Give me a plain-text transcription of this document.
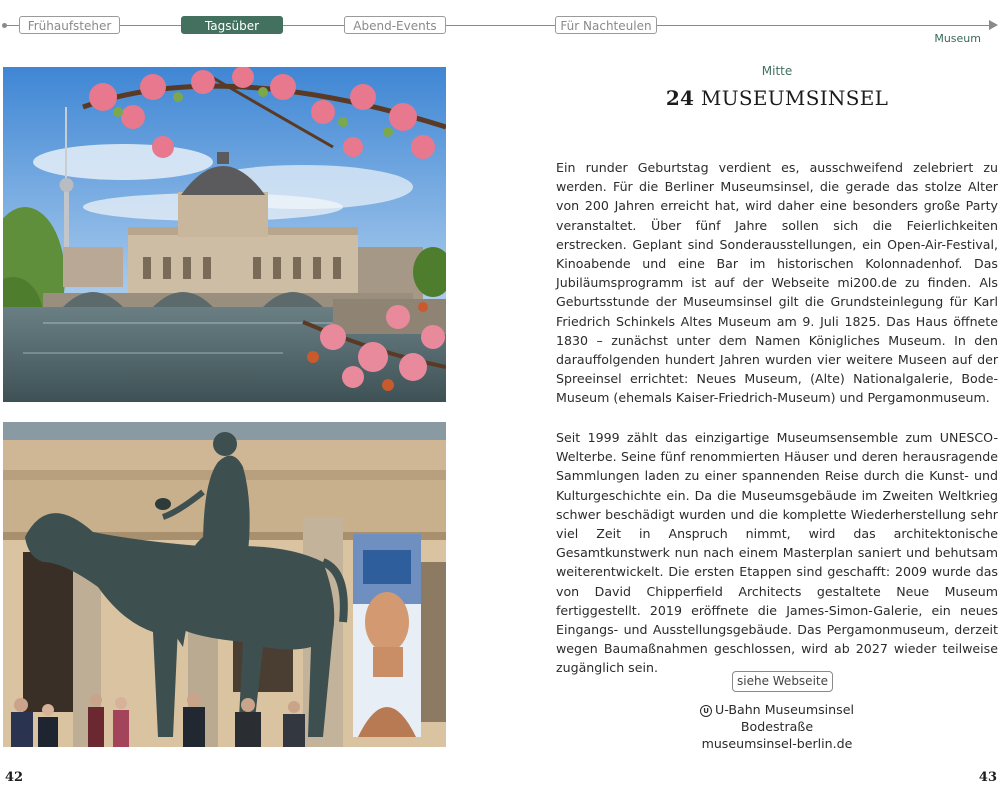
Frühaufsteher	Tagsüber	Abend-Events	Für Nachteulen
Museum
Mitte
24 MUSEUMSINSEL

Ein runder Geburtstag verdient es, ausschweifend zelebriert zu werden. Für die Berliner Museumsinsel, die gerade das stolze Alter von 200 Jahren erreicht hat, wird daher eine besonders große Party veranstaltet. Über fünf Jahre sollen sich die Feierlichkeiten erstrecken. Geplant sind Sonderausstellungen, ein Open-Air-Festival, Kinoabende und eine Bar im historischen Kolonnadenhof. Das Jubiläumsprogramm ist auf der Webseite mi200.de zu finden. Als Geburtsstunde der Museumsinsel gilt die Grundsteinlegung für Karl Friedrich Schinkels Altes Museum am 9. Juli 1825. Das Haus öffnete 1830 – zunächst unter dem Namen Königliches Museum. In den darauffolgenden hundert Jahren wurden vier weitere Museen auf der Spreeinsel errichtet: Neues Museum, (Alte) Nationalgalerie, Bode-Museum (ehemals Kaiser-Friedrich-Museum) und Pergamonmuseum.

Seit 1999 zählt das einzigartige Museumsensemble zum UNESCO-Welterbe. Seine fünf renommierten Häuser und deren herausragende Sammlungen laden zu einer spannenden Reise durch die Kunst- und Kulturgeschichte ein. Da die Museumsgebäude im Zweiten Weltkrieg schwer beschädigt wurden und die komplette Wiederherstellung sehr viel Zeit in Anspruch nimmt, wird das architektonische Gesamtkunstwerk nun nach einem Masterplan saniert und behutsam weiterentwickelt. Die ersten Etappen sind geschafft: 2009 wurde das von David Chipperfield Architects gestaltete Neue Museum fertiggestellt. 2019 eröffnete die James-Simon-Galerie, ein neues Eingangs- und Ausstellungsgebäude. Das Pergamonmuseum, derzeit wegen Baumaßnahmen geschlossen, wird ab 2027 wieder teilweise zugänglich sein.

siehe Webseite
U U-Bahn Museumsinsel
Bodestraße
museumsinsel-berlin.de
42	43
